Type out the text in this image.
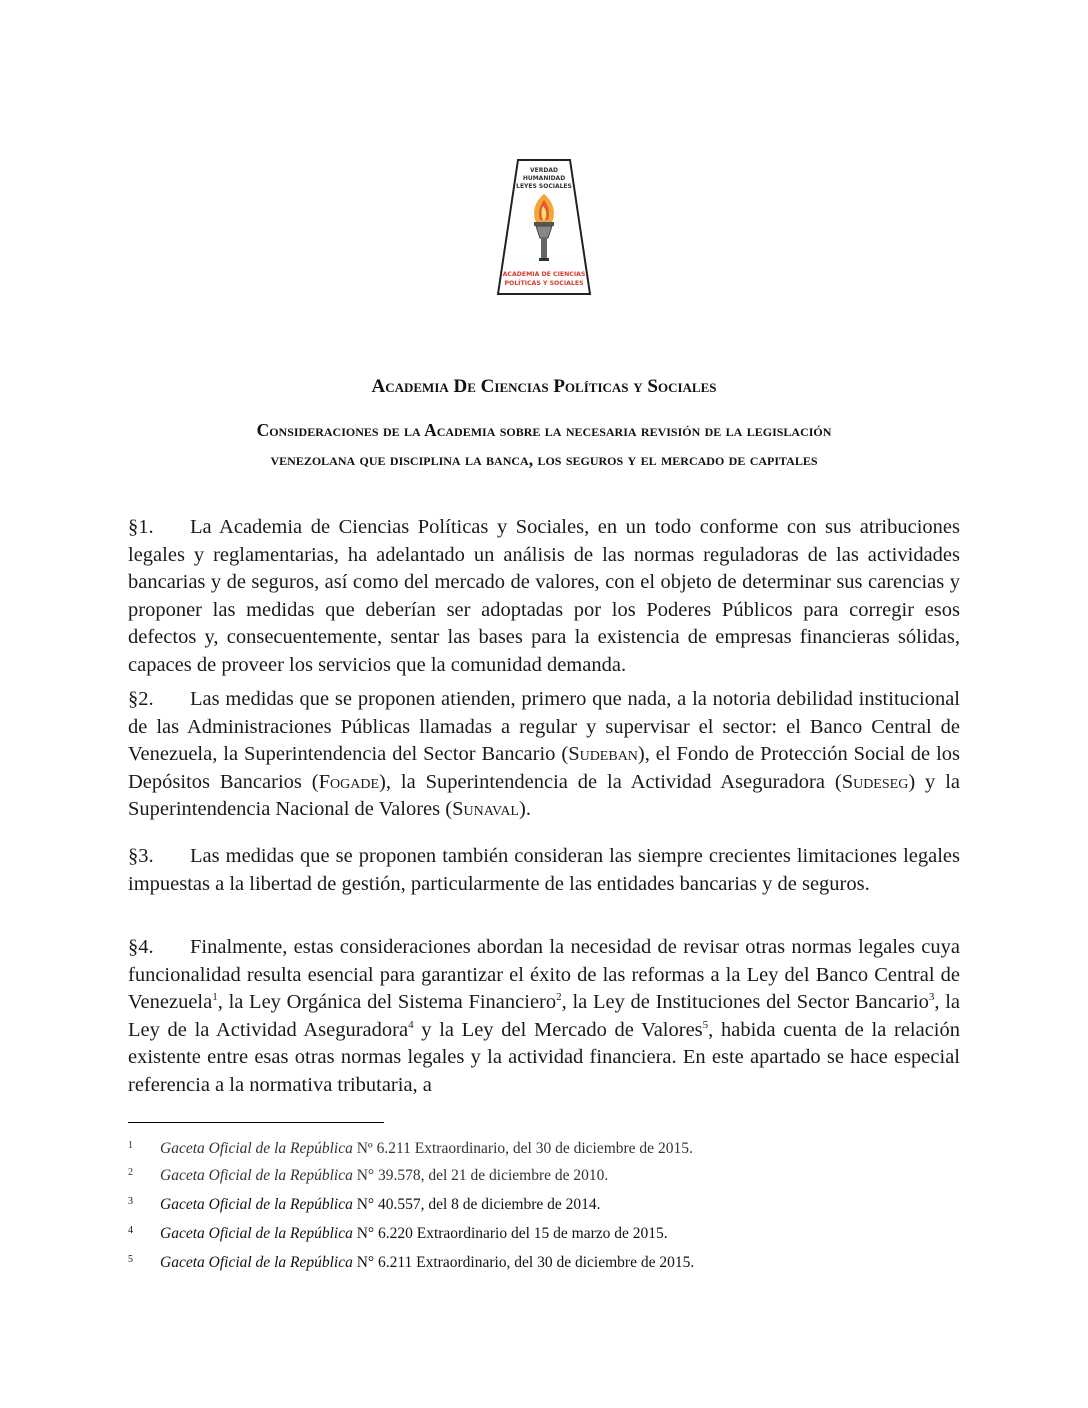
VERDAD
HUMANIDAD
LEYES SOCIALES
ACADEMIA DE CIENCIAS
POLÍTICAS Y SOCIALES
Academia De Ciencias Políticas y Sociales
Consideraciones de la Academia sobre la necesaria revisión de la legislación
venezolana que disciplina la banca, los seguros y el mercado de capitales
§1. La Academia de Ciencias Políticas y Sociales, en un todo conforme con sus atribuciones legales y reglamentarias, ha adelantado un análisis de las normas reguladoras de las actividades bancarias y de seguros, así como del mercado de valores, con el objeto de determinar sus carencias y proponer las medidas que deberían ser adoptadas por los Poderes Públicos para corregir esos defectos y, consecuentemente, sentar las bases para la existencia de empresas financieras sólidas, capaces de proveer los servicios que la comunidad demanda.
§2. Las medidas que se proponen atienden, primero que nada, a la notoria debilidad institucional de las Administraciones Públicas llamadas a regular y supervisar el sector: el Banco Central de Venezuela, la Superintendencia del Sector Bancario (Sudeban), el Fondo de Protección Social de los Depósitos Bancarios (Fogade), la Superintendencia de la Actividad Aseguradora (Sudeseg) y la Superintendencia Nacional de Valores (Sunaval).
§3. Las medidas que se proponen también consideran las siempre crecientes limitaciones legales impuestas a la libertad de gestión, particularmente de las entidades bancarias y de seguros.
§4. Finalmente, estas consideraciones abordan la necesidad de revisar otras normas legales cuya funcionalidad resulta esencial para garantizar el éxito de las reformas a la Ley del Banco Central de Venezuela$^1$, la Ley Orgánica del Sistema Financiero$^2$, la Ley de Instituciones del Sector Bancario$^3$, la Ley de la Actividad Aseguradora$^4$ y la Ley del Mercado de Valores$^5$, habida cuenta de la relación existente entre esas otras normas legales y la actividad financiera. En este apartado se hace especial referencia a la normativa tributaria, a
1 Gaceta Oficial de la República Nº 6.211 Extraordinario, del 30 de diciembre de 2015.
2 Gaceta Oficial de la República N° 39.578, del 21 de diciembre de 2010.
3 Gaceta Oficial de la República N° 40.557, del 8 de diciembre de 2014.
4 Gaceta Oficial de la República N° 6.220 Extraordinario del 15 de marzo de 2015.
5 Gaceta Oficial de la República N° 6.211 Extraordinario, del 30 de diciembre de 2015.
